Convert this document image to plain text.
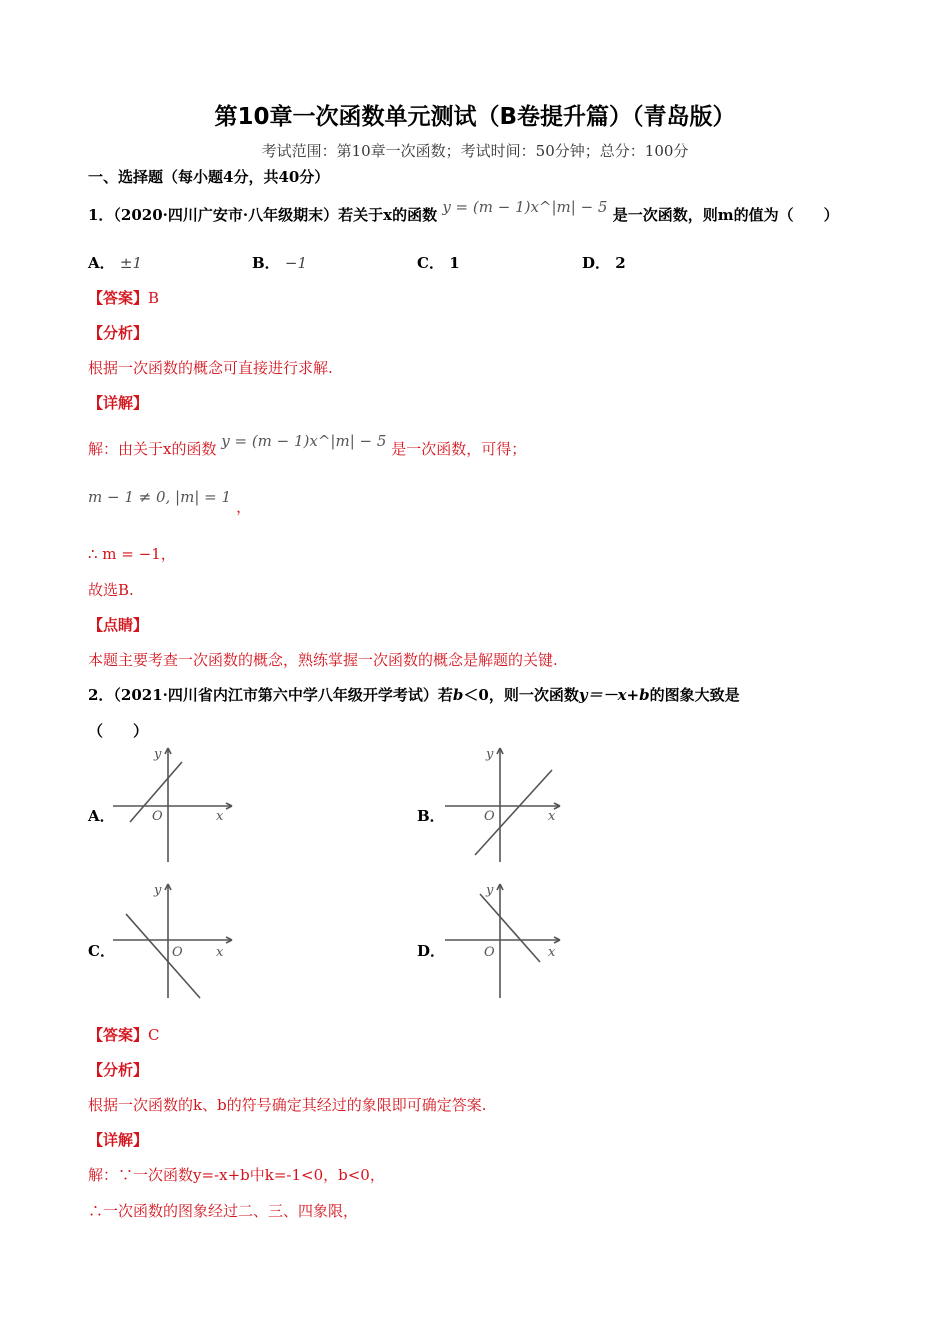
第10章一次函数单元测试（B卷提升篇）（青岛版）
考试范围：第10章一次函数；考试时间：50分钟；总分：100分
一、选择题（每小题4分，共40分）
1．（2020·四川广安市·八年级期末）若关于x的函数 y = (m − 1)x^|m| − 5 是一次函数，则m的值为（　　）
A． ±1	B． −1	C． 1	D． 2
【答案】B
【分析】
根据一次函数的概念可直接进行求解.
【详解】
解：由关于x的函数 y = (m − 1)x^|m| − 5 是一次函数，可得；
m − 1 ≠ 0, |m| = 1 ，
∴ m = −1，
故选B.
【点睛】
本题主要考查一次函数的概念，熟练掌握一次函数的概念是解题的关键.
2．（2021·四川省内江市第六中学八年级开学考试）若b＜0，则一次函数y＝－x+b的图象大致是
（　　）
A．
y
O	x	B．
y
O	x
C．
y
O	x	D．
y
O	x
【答案】C
【分析】
根据一次函数的k、b的符号确定其经过的象限即可确定答案.
【详解】
解：∵一次函数y=-x+b中k=-1<0，b<0，
∴一次函数的图象经过二、三、四象限，
